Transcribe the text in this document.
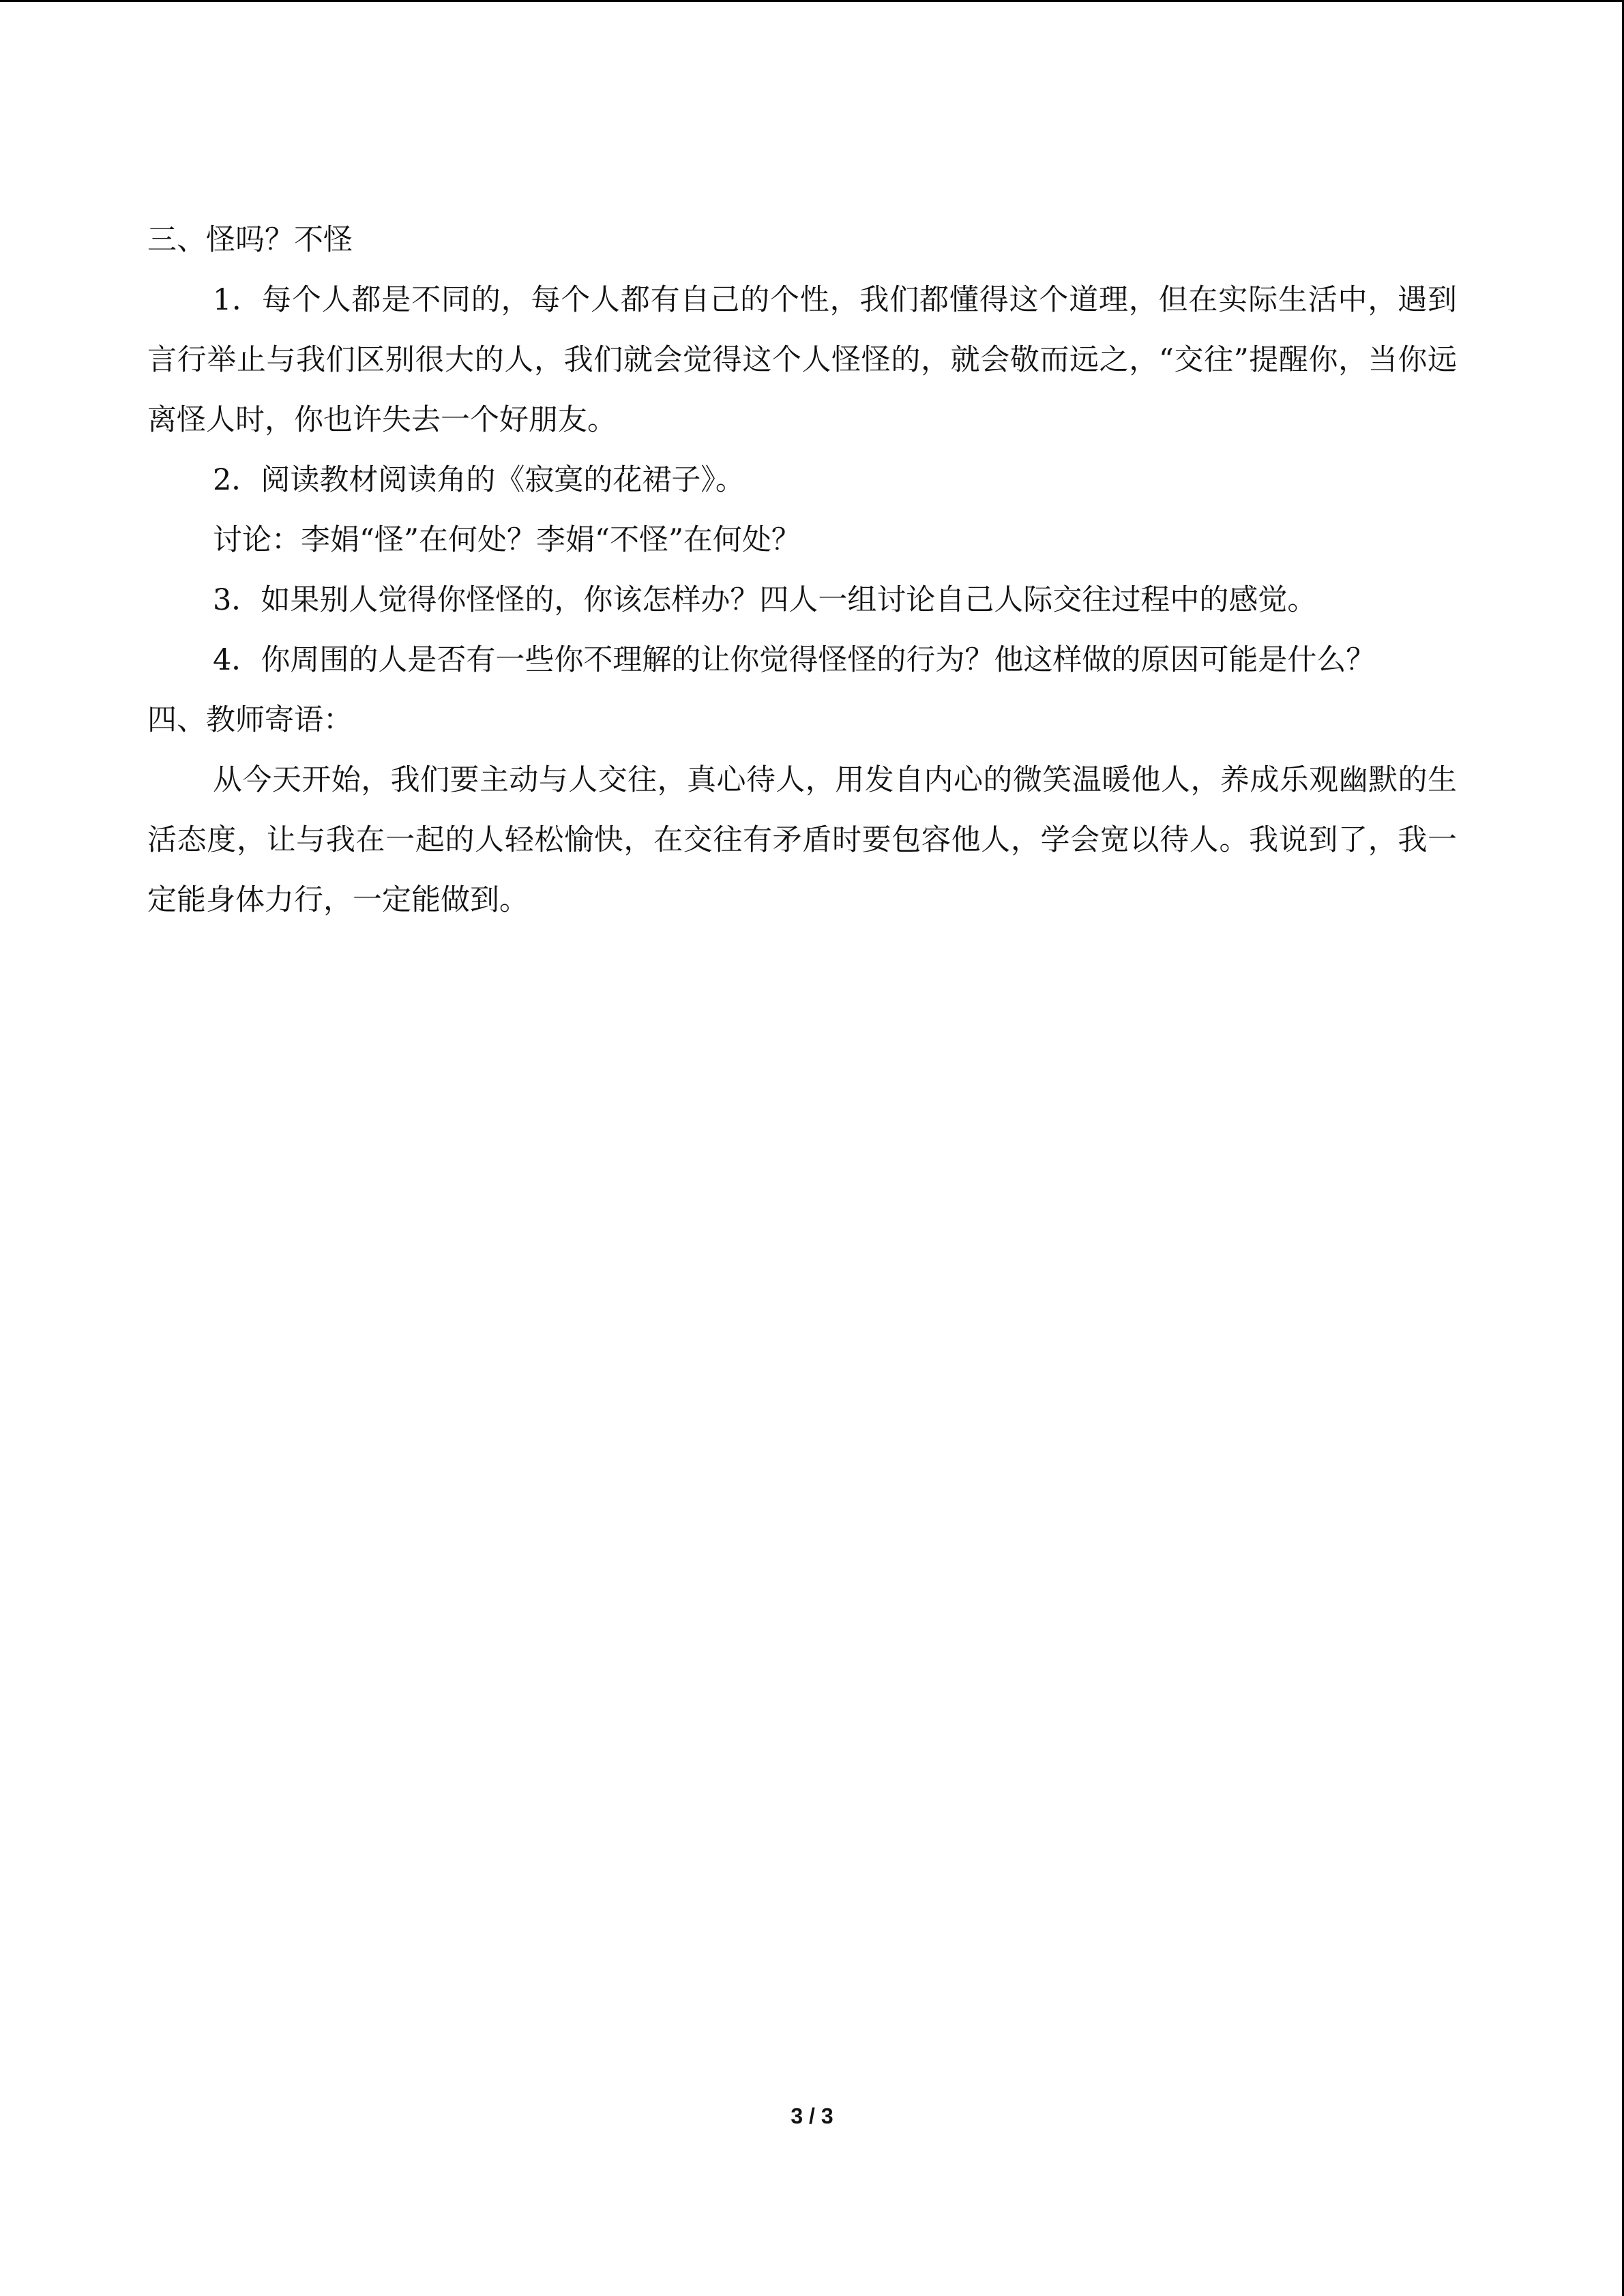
三、怪吗？不怪

1．每个人都是不同的，每个人都有自己的个性，我们都懂得这个道理，但在实际生活中，遇到言行举止与我们区别很大的人，我们就会觉得这个人怪怪的，就会敬而远之，“交往”提醒你，当你远离怪人时，你也许失去一个好朋友。

2．阅读教材阅读角的《寂寞的花裙子》。

讨论：李娟“怪”在何处？李娟“不怪”在何处？

3．如果别人觉得你怪怪的，你该怎样办？四人一组讨论自己人际交往过程中的感觉。

4．你周围的人是否有一些你不理解的让你觉得怪怪的行为？他这样做的原因可能是什么？

四、教师寄语：

从今天开始，我们要主动与人交往，真心待人，用发自内心的微笑温暖他人，养成乐观幽默的生活态度，让与我在一起的人轻松愉快，在交往有矛盾时要包容他人，学会宽以待人。我说到了，我一定能身体力行，一定能做到。

3 / 3
